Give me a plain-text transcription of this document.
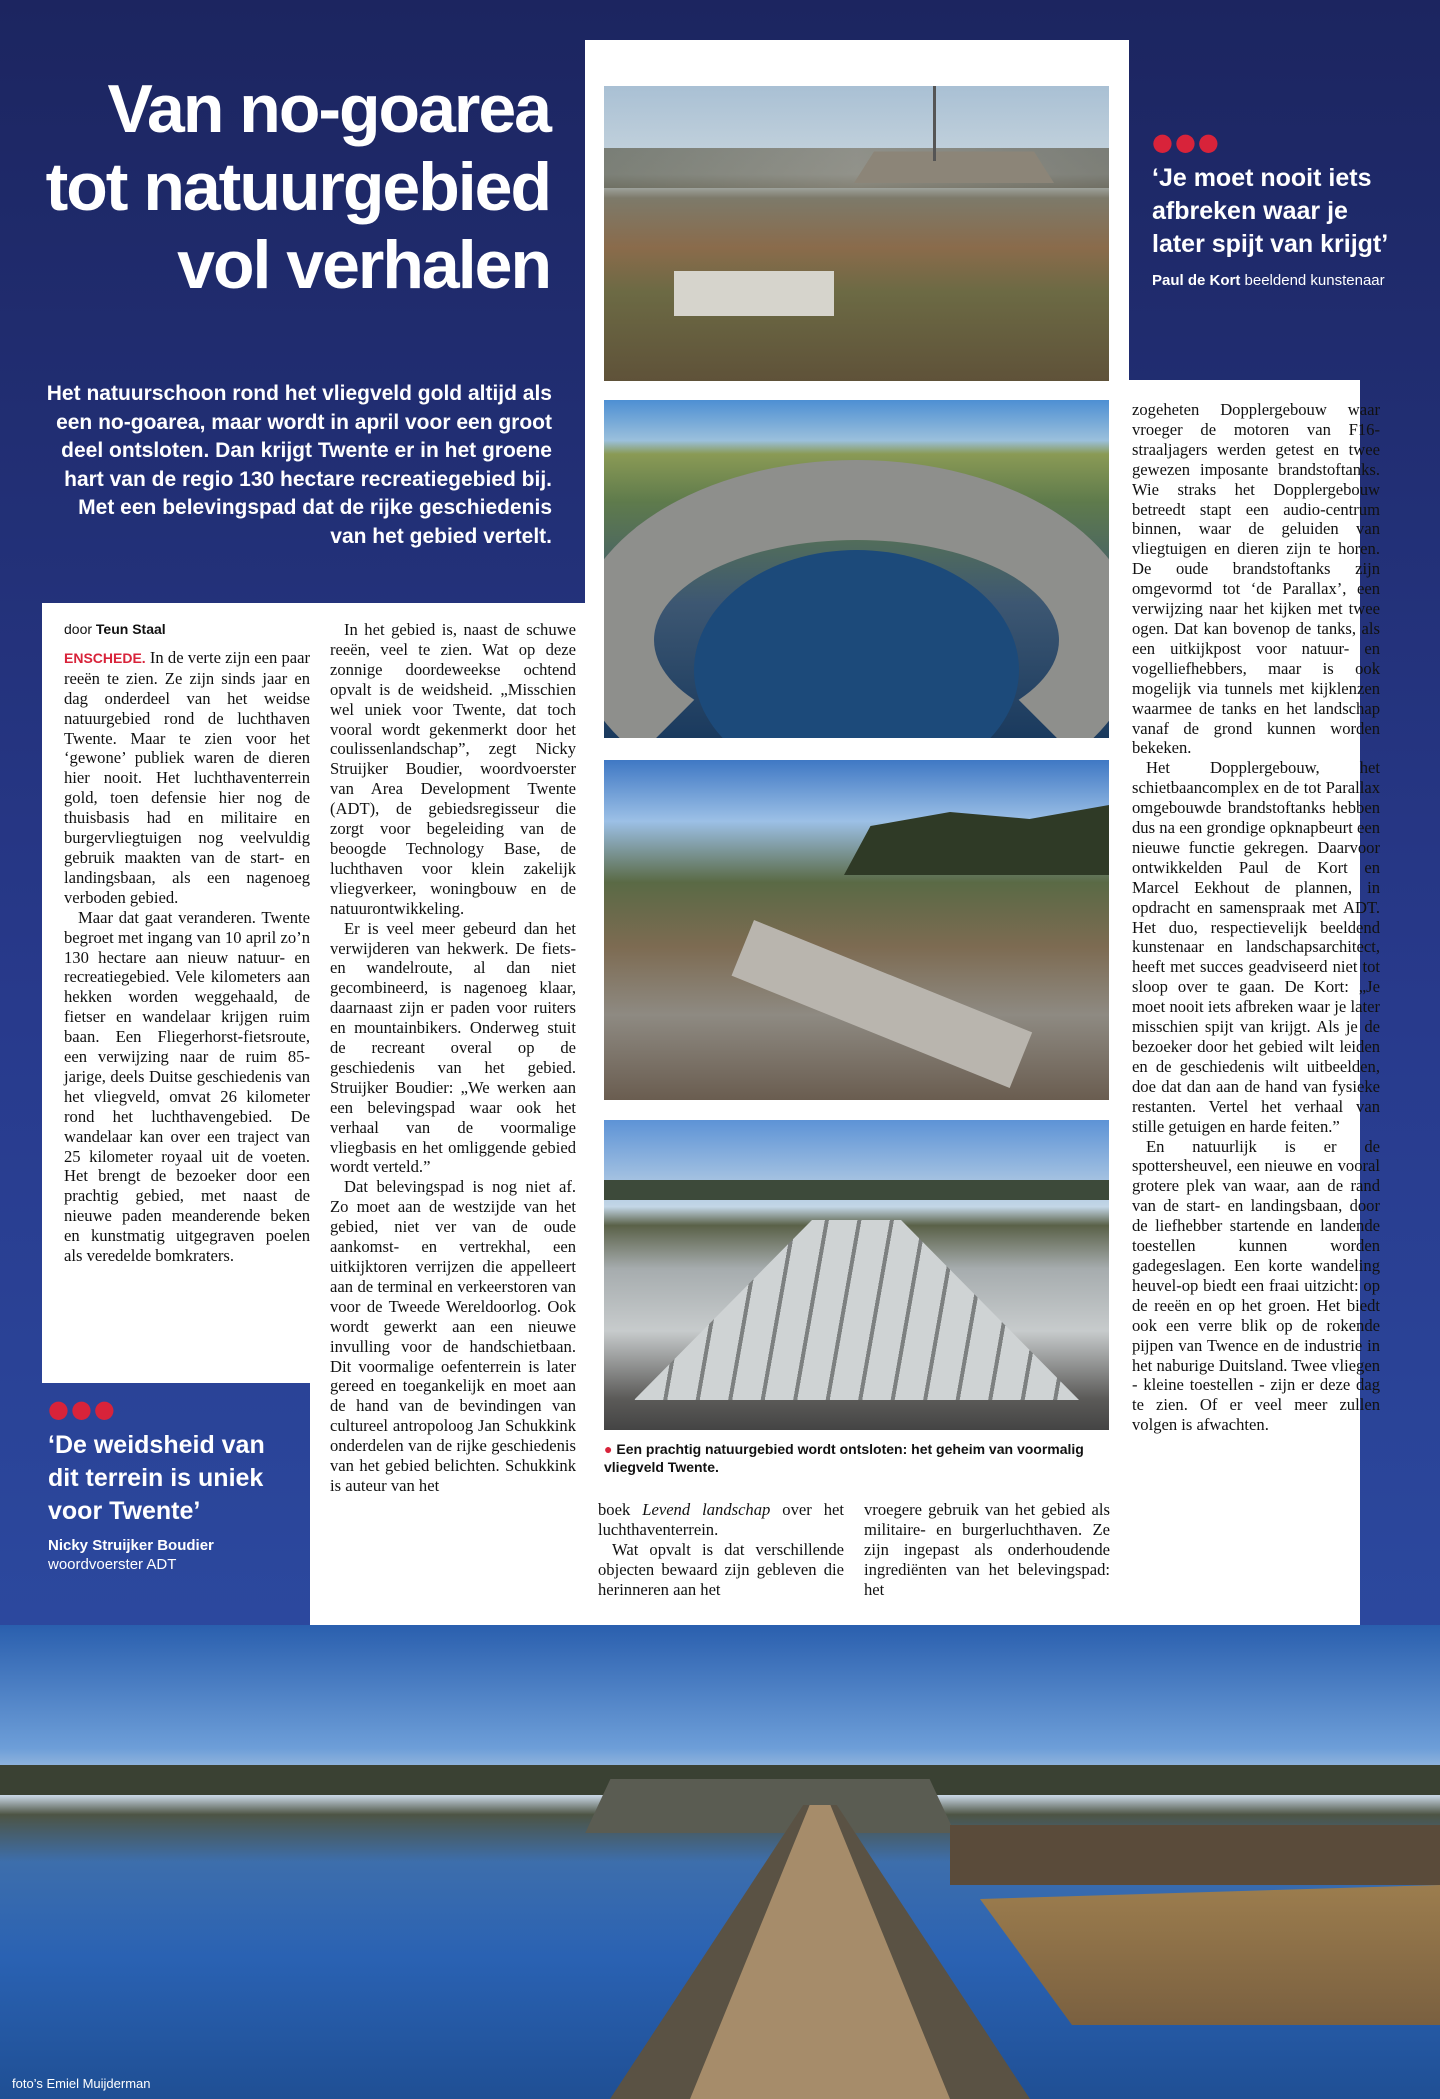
Van no-goarea
tot natuurgebied
vol verhalen

Het natuurschoon rond het vliegveld gold altijd als een no-goarea, maar wordt in april voor een groot deel ontsloten. Dan krijgt Twente er in het groene hart van de regio 130 hectare recreatiegebied bij. Met een belevingspad dat de rijke geschiedenis van het gebied vertelt.

● Een prachtig natuurgebied wordt ontsloten: het geheim van voormalig vliegveld Twente.

●●●

‘Je moet nooit iets afbreken waar je later spijt van krijgt’

Paul de Kort beeldend kunstenaar

●●●

‘De weidsheid van dit terrein is uniek voor Twente’

Nicky Struijker Boudier
woordvoerster ADT

door Teun Staal

ENSCHEDE. In de verte zijn een paar reeën te zien. Ze zijn sinds jaar en dag onderdeel van het weidse natuurgebied rond de luchthaven Twente. Maar te zien voor het ‘gewone’ publiek waren de dieren hier nooit. Het luchthaventerrein gold, toen defensie hier nog de thuisbasis had en militaire en burgervliegtuigen nog veelvuldig gebruik maakten van de start- en landingsbaan, als een nagenoeg verboden gebied.

Maar dat gaat veranderen. Twente begroet met ingang van 10 april zo’n 130 hectare aan nieuw natuur- en recreatiegebied. Vele kilometers aan hekken worden weggehaald, de fietser en wandelaar krijgen ruim baan. Een Fliegerhorst-fietsroute, een verwijzing naar de ruim 85-jarige, deels Duitse geschiedenis van het vliegveld, omvat 26 kilometer rond het luchthavengebied. De wandelaar kan over een traject van 25 kilometer royaal uit de voeten. Het brengt de bezoeker door een prachtig gebied, met naast de nieuwe paden meanderende beken en kunstmatig uitgegraven poelen als veredelde bomkraters.

In het gebied is, naast de schuwe reeën, veel te zien. Wat op deze zonnige doordeweekse ochtend opvalt is de weidsheid. „Misschien wel uniek voor Twente, dat toch vooral wordt gekenmerkt door het coulissenlandschap”, zegt Nicky Struijker Boudier, woordvoerster van Area Development Twente (ADT), de gebiedsregisseur die zorgt voor begeleiding van de beoogde Technology Base, de luchthaven voor klein zakelijk vliegverkeer, woningbouw en de natuurontwikkeling.

Er is veel meer gebeurd dan het verwijderen van hekwerk. De fiets- en wandelroute, al dan niet gecombineerd, is nagenoeg klaar, daarnaast zijn er paden voor ruiters en mountainbikers. Onderweg stuit de recreant overal op de geschiedenis van het gebied. Struijker Boudier: „We werken aan een belevingspad waar ook het verhaal van de voormalige vliegbasis en het omliggende gebied wordt verteld.”

Dat belevingspad is nog niet af. Zo moet aan de westzijde van het gebied, niet ver van de oude aankomst- en vertrekhal, een uitkijktoren verrijzen die appelleert aan de terminal en verkeerstoren van voor de Tweede Wereldoorlog. Ook wordt gewerkt aan een nieuwe invulling voor de handschietbaan. Dit voormalige oefenterrein is later gereed en toegankelijk en moet aan de hand van de bevindingen van cultureel antropoloog Jan Schukkink onderdelen van de rijke geschiedenis van het gebied belichten. Schukkink is auteur van het

boek Levend landschap over het luchthaventerrein.

Wat opvalt is dat verschillende objecten bewaard zijn gebleven die herinneren aan het

vroegere gebruik van het gebied als militaire- en burgerluchthaven. Ze zijn ingepast als onderhoudende ingrediënten van het belevingspad: het

zogeheten Dopplergebouw waar vroeger de motoren van F16-straaljagers werden getest en twee gewezen imposante brandstoftanks. Wie straks het Dopplergebouw betreedt stapt een audio-centrum binnen, waar de geluiden van vliegtuigen en dieren zijn te horen. De oude brandstoftanks zijn omgevormd tot ‘de Parallax’, een verwijzing naar het kijken met twee ogen. Dat kan bovenop de tanks, als een uitkijkpost voor natuur- en vogelliefhebbers, maar is ook mogelijk via tunnels met kijklenzen waarmee de tanks en het landschap vanaf de grond kunnen worden bekeken.

Het Dopplergebouw, het schietbaancomplex en de tot Parallax omgebouwde brandstoftanks hebben dus na een grondige opknapbeurt een nieuwe functie gekregen. Daarvoor ontwikkelden Paul de Kort en Marcel Eekhout de plannen, in opdracht en samenspraak met ADT. Het duo, respectievelijk beeldend kunstenaar en landschapsarchitect, heeft met succes geadviseerd niet tot sloop over te gaan. De Kort: „Je moet nooit iets afbreken waar je later misschien spijt van krijgt. Als je de bezoeker door het gebied wilt leiden en de geschiedenis wilt uitbeelden, doe dat dan aan de hand van fysieke restanten. Vertel het verhaal van stille getuigen en harde feiten.”

En natuurlijk is er de spottersheuvel, een nieuwe en vooral grotere plek van waar, aan de rand van de start- en landingsbaan, door de liefhebber startende en landende toestellen kunnen worden gadegeslagen. Een korte wandeling heuvel-op biedt een fraai uitzicht: op de reeën en op het groen. Het biedt ook een verre blik op de rokende pijpen van Twence en de industrie in het naburige Duitsland. Twee vliegen - kleine toestellen - zijn er deze dag te zien. Of er veel meer zullen volgen is afwachten.

foto’s Emiel Muijderman
